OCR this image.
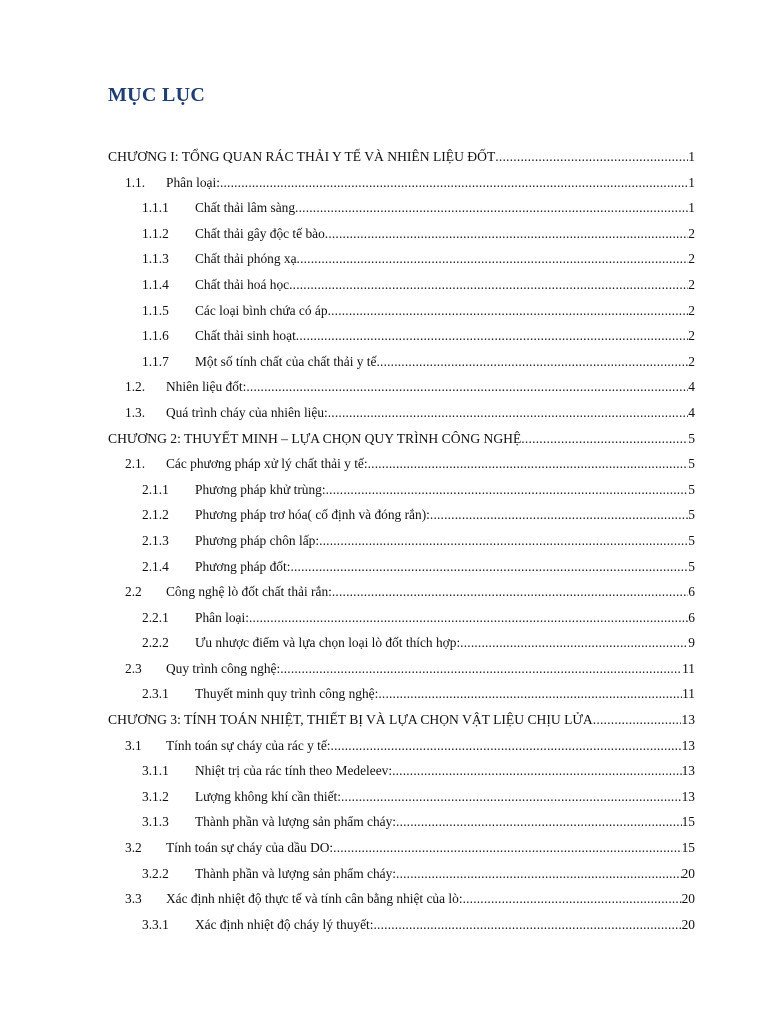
MỤC LỤC
CHƯƠNG I: TỔNG QUAN RÁC THẢI Y TẾ VÀ NHIÊN LIỆU ĐỐT .....	1
1.1. Phân loại: .....	1
1.1.1 Chất thải lâm sàng .....	1
1.1.2 Chất thải gây độc tế bào .....	2
1.1.3 Chất thải phóng xạ .....	2
1.1.4 Chất thải hoá học .....	2
1.1.5 Các loại bình chứa có áp .....	2
1.1.6 Chất thải sinh hoạt .....	2
1.1.7 Một số tính chất của chất thải y tế .....	2
1.2. Nhiên liệu đốt: .....	4
1.3. Quá trình cháy của nhiên liệu: .....	4
CHƯƠNG 2: THUYẾT MINH – LỰA CHỌN QUY TRÌNH CÔNG NGHỆ .....	5
2.1. Các phương pháp xử lý chất thải y tế: .....	5
2.1.1 Phương pháp khử trùng: .....	5
2.1.2 Phương pháp trơ hóa( cố định và đóng rắn): .....	5
2.1.3 Phương pháp chôn lấp: .....	5
2.1.4 Phương pháp đốt: .....	5
2.2 Công nghệ lò đốt chất thải rắn: .....	6
2.2.1 Phân loại: .....	6
2.2.2 Ưu nhược điểm và lựa chọn loại lò đốt thích hợp: .....	9
2.3 Quy trình công nghệ: .....	11
2.3.1 Thuyết minh quy trình công nghệ: .....	11
CHƯƠNG 3: TÍNH TOÁN NHIỆT, THIẾT BỊ VÀ LỰA CHỌN VẬT LIỆU CHỊU LỬA .....	13
3.1 Tính toán sự cháy của rác y tế: .....	13
3.1.1 Nhiệt trị của rác tính theo Medeleev: .....	13
3.1.2 Lượng không khí cần thiết: .....	13
3.1.3 Thành phần và lượng sản phẩm cháy: .....	15
3.2 Tính toán sự cháy của dầu DO: .....	15
3.2.2 Thành phần và lượng sản phẩm cháy: .....	20
3.3 Xác định nhiệt độ thực tế và tính cân bằng nhiệt của lò: .....	20
3.3.1 Xác định nhiệt độ cháy lý thuyết: .....	20
